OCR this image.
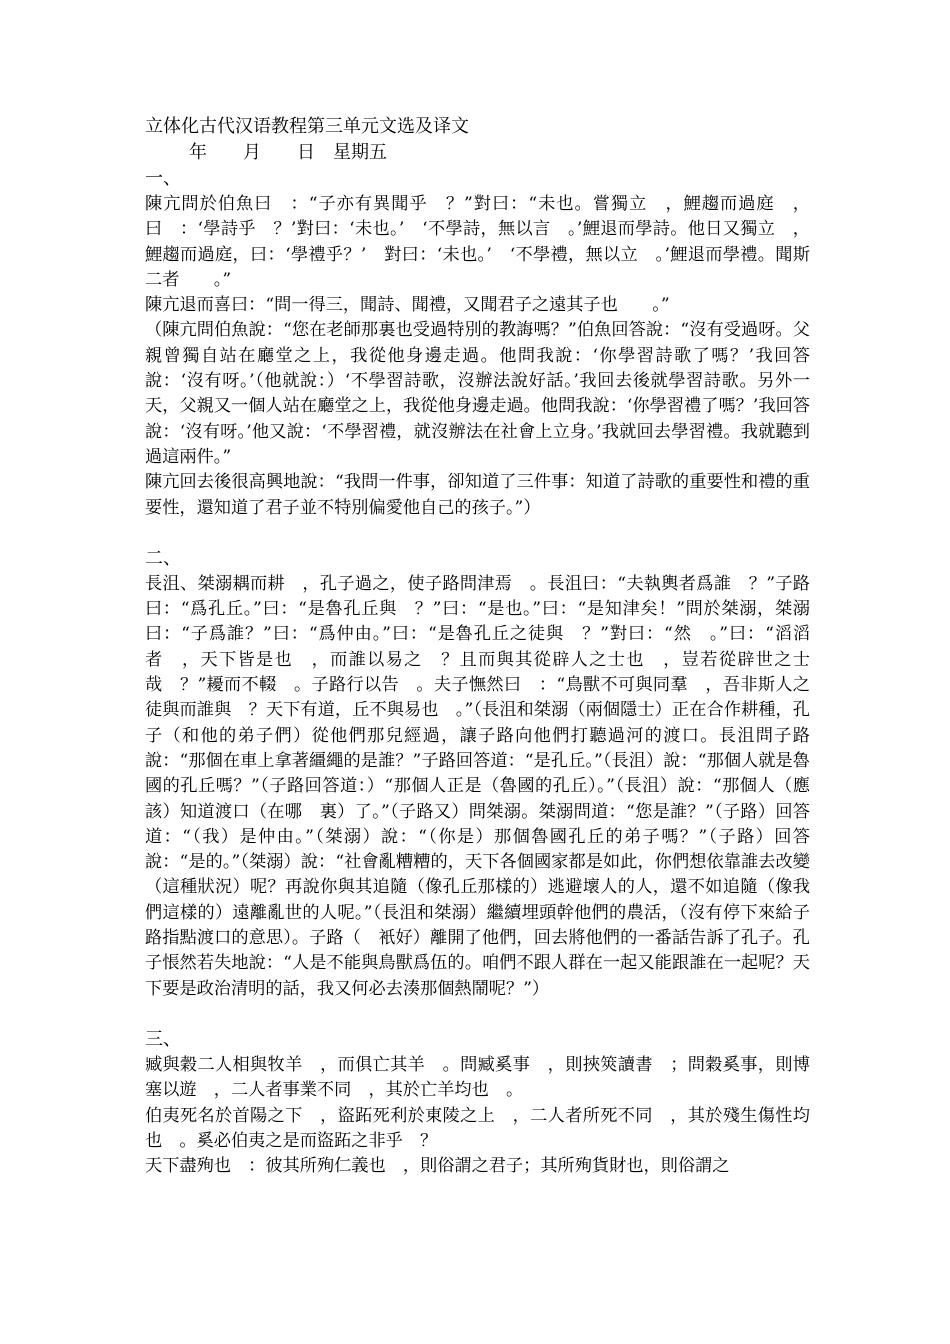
立体化古代汉语教程第三单元文选及译文

年　　月　　日　星期五

一、

陳亢問於伯魚曰　：“子亦有異聞乎　？”對曰：“未也。嘗獨立　，鯉趨而過庭　，曰　：‘學詩乎　？’對曰：‘未也。’　‘不學詩，無以言　。’鯉退而學詩。他日又獨立　，鯉趨而過庭，曰：‘學禮乎？’　對曰：‘未也。’　‘不學禮，無以立　。’鯉退而學禮。聞斯二者　　。”

陳亢退而喜曰：“問一得三，聞詩、聞禮，又聞君子之遠其子也　　。”

（陳亢問伯魚說：“您在老師那裏也受過特別的教誨嗎？”伯魚回答說：“沒有受過呀。父親曾獨自站在廳堂之上，我從他身邊走過。他問我說：‘你學習詩歌了嗎？’我回答說：‘沒有呀。’（他就說：）‘不學習詩歌，沒辦法說好話。’我回去後就學習詩歌。另外一天，父親又一個人站在廳堂之上，我從他身邊走過。他問我說：‘你學習禮了嗎？’我回答說：‘沒有呀。’他又說：‘不學習禮，就沒辦法在社會上立身。’我就回去學習禮。我就聽到過這兩件。”

陳亢回去後很高興地說：“我問一件事，卻知道了三件事：知道了詩歌的重要性和禮的重要性，還知道了君子並不特別偏愛他自己的孩子。”）

二、

長沮、桀溺耦而耕　，孔子過之，使子路問津焉　。長沮曰：“夫執輿者爲誰　？”子路曰：“爲孔丘。”曰：“是魯孔丘與　？”曰：“是也。”曰：“是知津矣！”問於桀溺，桀溺曰：“子爲誰？”曰：“爲仲由。”曰：“是魯孔丘之徒與　？”對曰：“然　。”曰：“滔滔者　，天下皆是也　，而誰以易之　？且而與其從辟人之士也　，豈若從辟世之士哉　？”耰而不輟　。子路行以告　。夫子憮然曰　：“鳥獸不可與同羣　，吾非斯人之徒與而誰與　？天下有道，丘不與易也　。”（長沮和桀溺（兩個隱士）正在合作耕種，孔子（和他的弟子們）從他們那兒經過，讓子路向他們打聽過河的渡口。長沮問子路說：“那個在車上拿著繮繩的是誰？”子路回答道：“是孔丘。”（長沮）說：“那個人就是魯國的孔丘嗎？”（子路回答道：）“那個人正是（魯國的孔丘）。”（長沮）說：“那個人（應該）知道渡口（在哪　裏）了。”（子路又）問桀溺。桀溺問道：“您是誰？”（子路）回答道：“（我）是仲由。”（桀溺）說：“（你是）那個魯國孔丘的弟子嗎？”（子路）回答說：“是的。”（桀溺）說：“社會亂糟糟的，天下各個國家都是如此，你們想依靠誰去改變（這種狀況）呢？再說你與其追隨（像孔丘那樣的）逃避壞人的人，還不如追隨（像我們這樣的）遠離亂世的人呢。”（長沮和桀溺）繼續埋頭幹他們的農活，（沒有停下來給子路指點渡口的意思）。子路（　衹好）離開了他們，回去將他們的一番話告訴了孔子。孔子悵然若失地說：“人是不能與鳥獸爲伍的。咱們不跟人群在一起又能跟誰在一起呢？天下要是政治清明的話，我又何必去湊那個熱鬧呢？”）

三、

臧與穀二人相與牧羊　，而俱亡其羊　。問臧奚事　，則挾筴讀書　；問穀奚事，則博塞以遊　，二人者事業不同　，其於亡羊均也　。

伯夷死名於首陽之下　，盜跖死利於東陵之上　，二人者所死不同　，其於殘生傷性均也　。奚必伯夷之是而盜跖之非乎　？

天下盡殉也　：彼其所殉仁義也　，則俗謂之君子；其所殉貨財也，則俗謂之
